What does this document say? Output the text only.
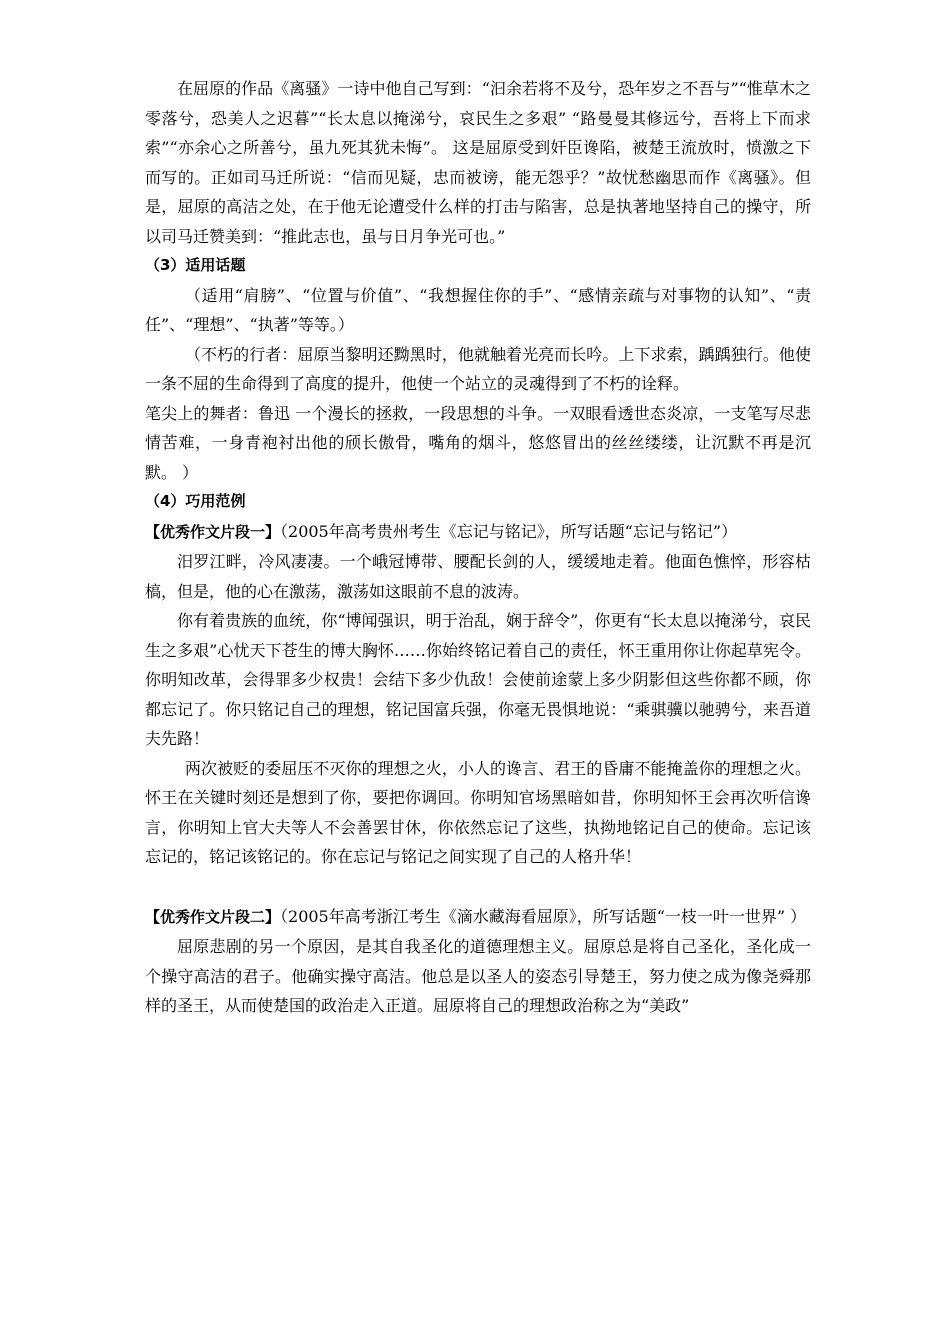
在屈原的作品《离骚》一诗中他自己写到：“汩余若将不及兮，恐年岁之不吾与”“惟草木之零落兮，恐美人之迟暮”“长太息以掩涕兮，哀民生之多艰” “路曼曼其修远兮，吾将上下而求索”“亦余心之所善兮，虽九死其犹未悔”。 这是屈原受到奸臣谗陷，被楚王流放时，愤激之下而写的。正如司马迁所说：“信而见疑，忠而被谤，能无怨乎？”故忧愁幽思而作《离骚》。但是，屈原的高洁之处，在于他无论遭受什么样的打击与陷害，总是执著地坚持自己的操守，所以司马迁赞美到：“推此志也，虽与日月争光可也。”

（3）适用话题

（适用“肩膀”、“位置与价值”、“我想握住你的手”、“感情亲疏与对事物的认知”、“责任”、“理想”、“执著”等等。）

（不朽的行者：屈原当黎明还黝黑时，他就触着光亮而长吟。上下求索，踽踽独行。他使一条不屈的生命得到了高度的提升，他使一个站立的灵魂得到了不朽的诠释。

笔尖上的舞者：鲁迅 一个漫长的拯救，一段思想的斗争。一双眼看透世态炎凉，一支笔写尽悲情苦难，一身青袍衬出他的颀长傲骨，嘴角的烟斗，悠悠冒出的丝丝缕缕，让沉默不再是沉默。 ）

（4）巧用范例

【优秀作文片段一】（2005年高考贵州考生《忘记与铭记》，所写话题“忘记与铭记”）

汨罗江畔，冷风凄凄。一个峨冠博带、腰配长剑的人，缓缓地走着。他面色憔悴，形容枯槁，但是，他的心在激荡，激荡如这眼前不息的波涛。

你有着贵族的血统，你“博闻强识，明于治乱，娴于辞令”，你更有“长太息以掩涕兮，哀民生之多艰”心忧天下苍生的博大胸怀……你始终铭记着自己的责任，怀王重用你让你起草宪令。你明知改革，会得罪多少权贵！会结下多少仇敌！会使前途蒙上多少阴影但这些你都不顾，你都忘记了。你只铭记自己的理想，铭记国富兵强，你毫无畏惧地说：“乘骐骥以驰骋兮，来吾道夫先路！

两次被贬的委屈压不灭你的理想之火，小人的谗言、君王的昏庸不能掩盖你的理想之火。怀王在关键时刻还是想到了你，要把你调回。你明知官场黑暗如昔，你明知怀王会再次听信谗言，你明知上官大夫等人不会善罢甘休，你依然忘记了这些，执拗地铭记自己的使命。忘记该忘记的，铭记该铭记的。你在忘记与铭记之间实现了自己的人格升华！

【优秀作文片段二】（2005年高考浙江考生《滴水藏海看屈原》，所写话题“一枝一叶一世界” ）

屈原悲剧的另一个原因，是其自我圣化的道德理想主义。屈原总是将自己圣化，圣化成一个操守高洁的君子。他确实操守高洁。他总是以圣人的姿态引导楚王，努力使之成为像尧舜那样的圣王，从而使楚国的政治走入正道。屈原将自己的理想政治称之为“美政”
